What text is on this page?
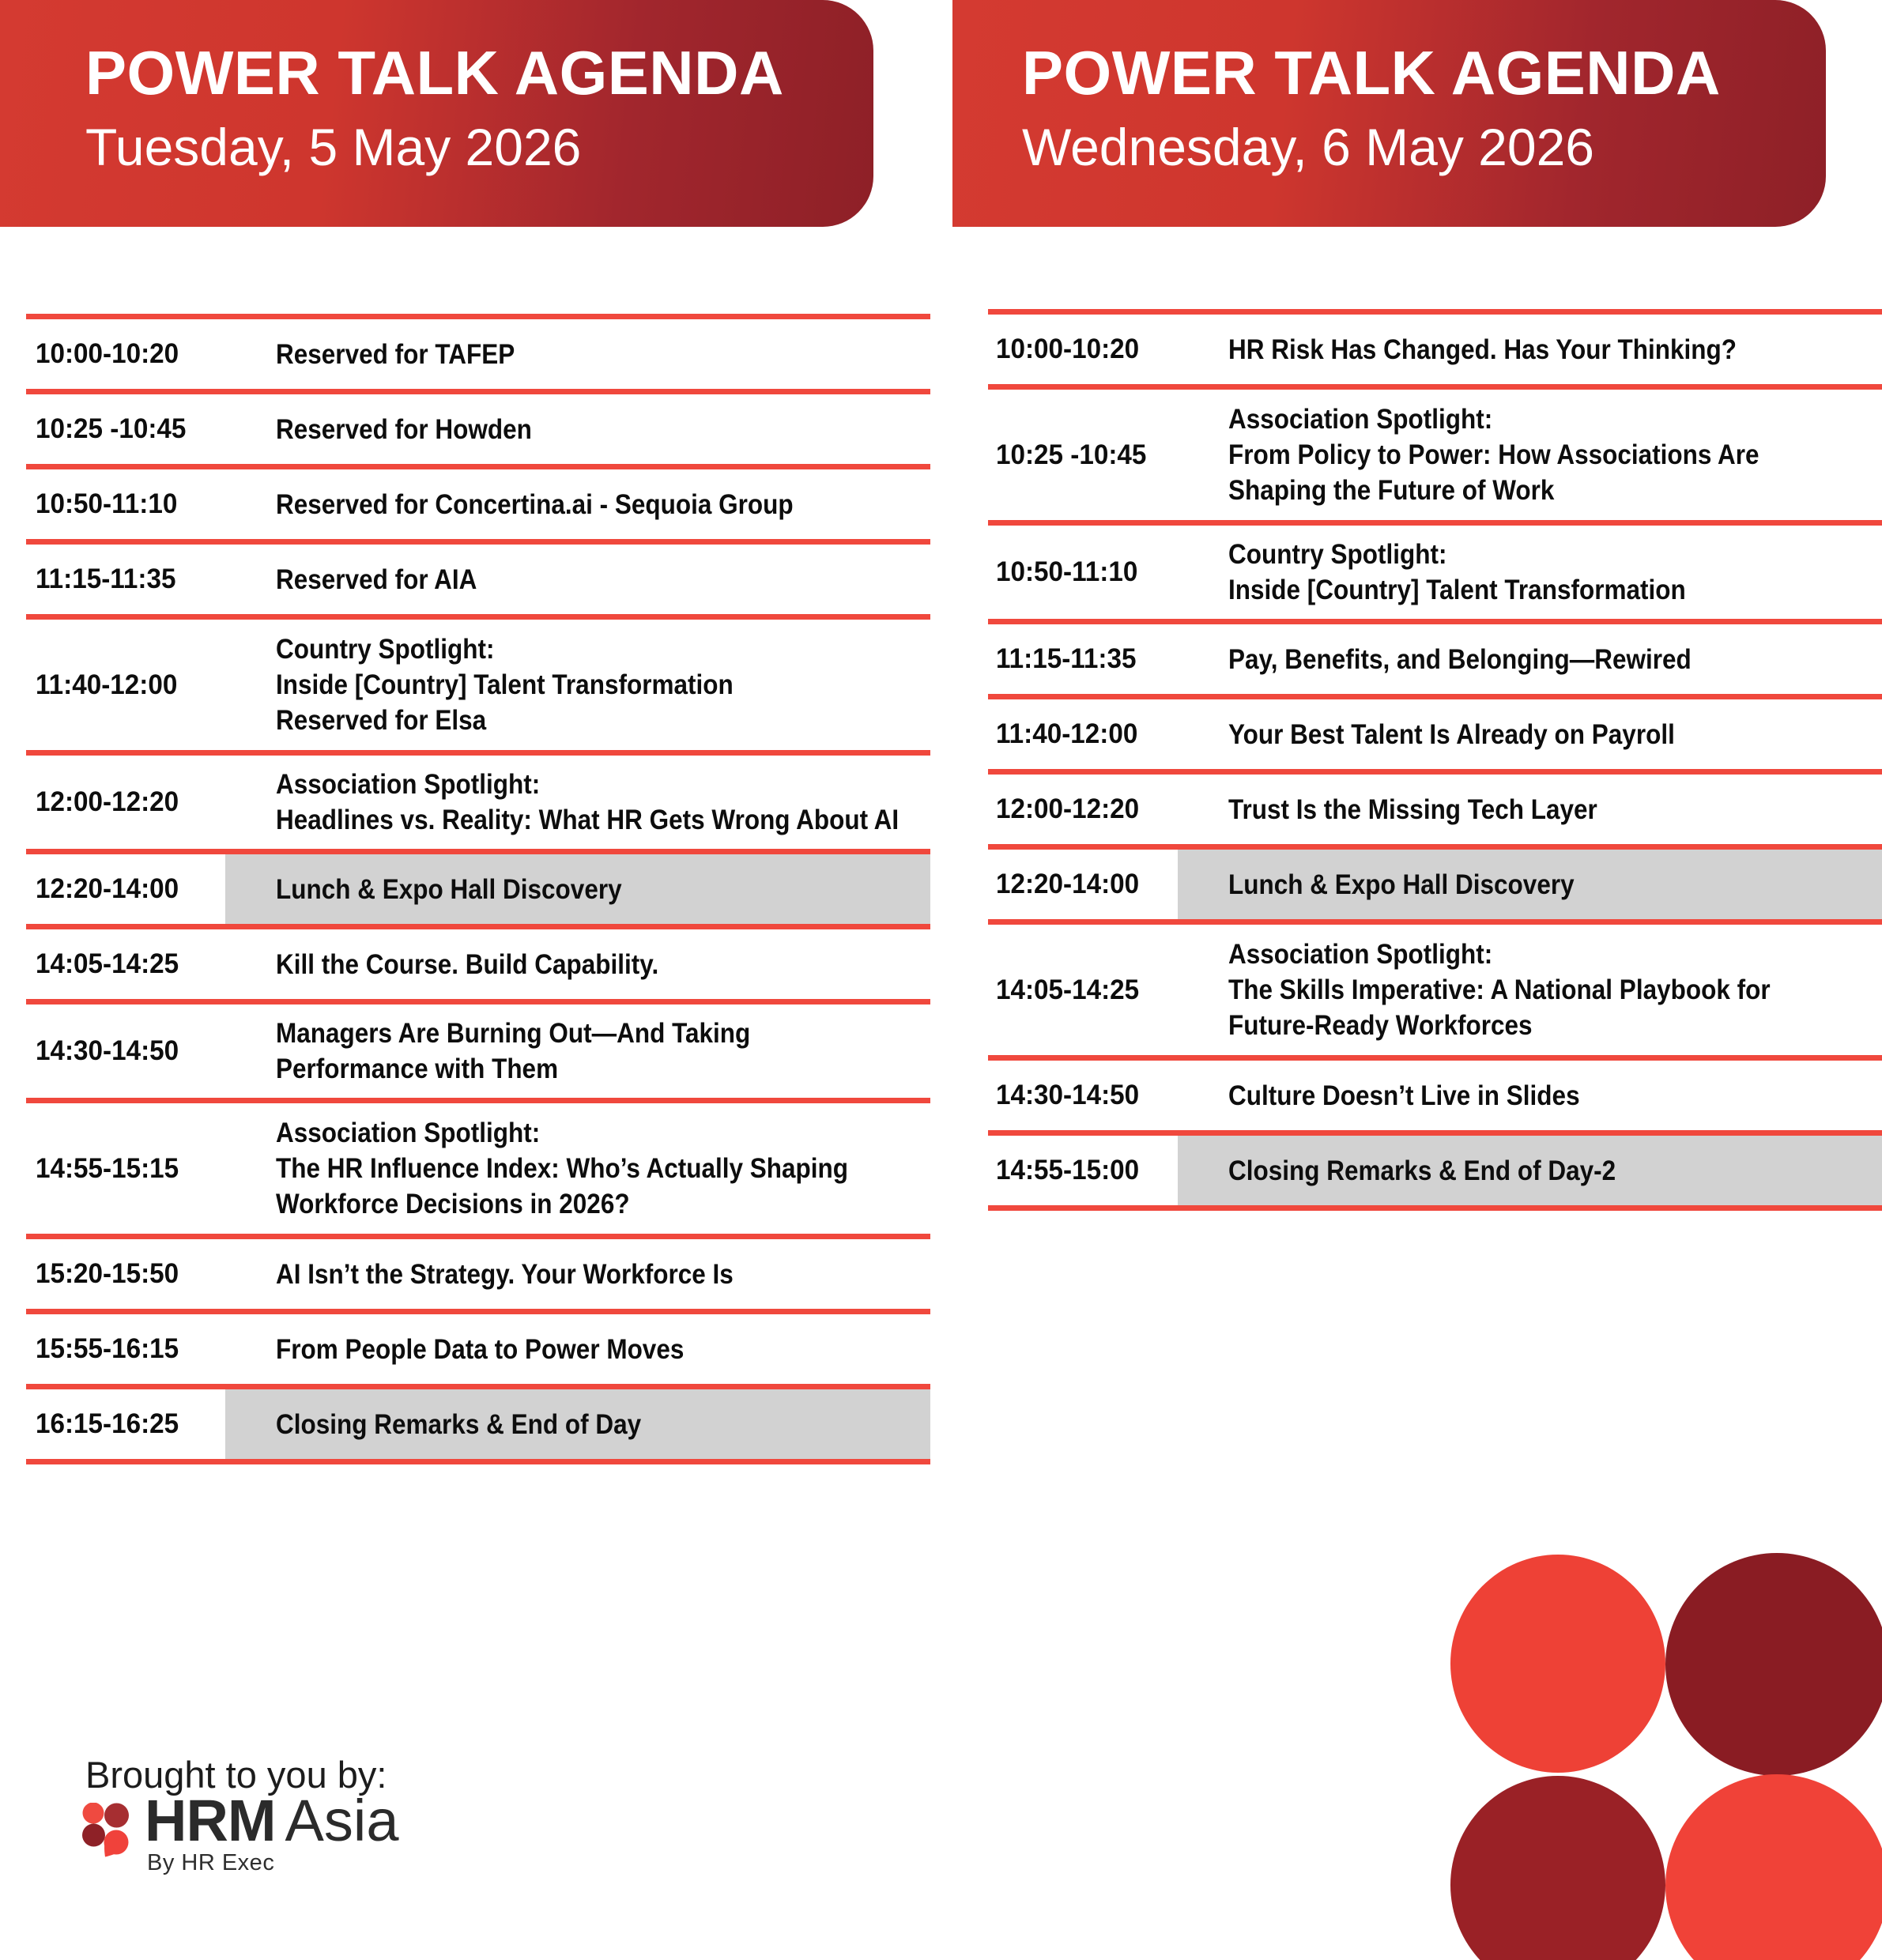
POWER TALK AGENDA
Tuesday, 5 May 2026
10:00-10:20	Reserved for TAFEP
10:25 -10:45	Reserved for Howden
10:50-11:10	Reserved for Concertina.ai - Sequoia Group
11:15-11:35	Reserved for AIA
11:40-12:00
Country Spotlight:
Inside [Country] Talent Transformation
Reserved for Elsa
12:00-12:20
Association Spotlight:
Headlines vs. Reality: What HR Gets Wrong About AI
12:20-14:00	Lunch & Expo Hall Discovery
14:05-14:25	Kill the Course. Build Capability.
14:30-14:50
Managers Are Burning Out—And Taking
Performance with Them
14:55-15:15
Association Spotlight:
The HR Influence Index: Who’s Actually Shaping
Workforce Decisions in 2026?
15:20-15:50	AI Isn’t the Strategy. Your Workforce Is
15:55-16:15	From People Data to Power Moves
16:15-16:25	Closing Remarks & End of Day
POWER TALK AGENDA
Wednesday, 6 May 2026
10:00-10:20	HR Risk Has Changed. Has Your Thinking?
10:25 -10:45
Association Spotlight:
From Policy to Power: How Associations Are
Shaping the Future of Work
10:50-11:10
Country Spotlight:
Inside [Country] Talent Transformation
11:15-11:35	Pay, Benefits, and Belonging—Rewired
11:40-12:00	Your Best Talent Is Already on Payroll
12:00-12:20	Trust Is the Missing Tech Layer
12:20-14:00	Lunch & Expo Hall Discovery
14:05-14:25
Association Spotlight:
The Skills Imperative: A National Playbook for
Future-Ready Workforces
14:30-14:50	Culture Doesn’t Live in Slides
14:55-15:00	Closing Remarks & End of Day-2
Brought to you by:
HRM Asia
By HR Exec
